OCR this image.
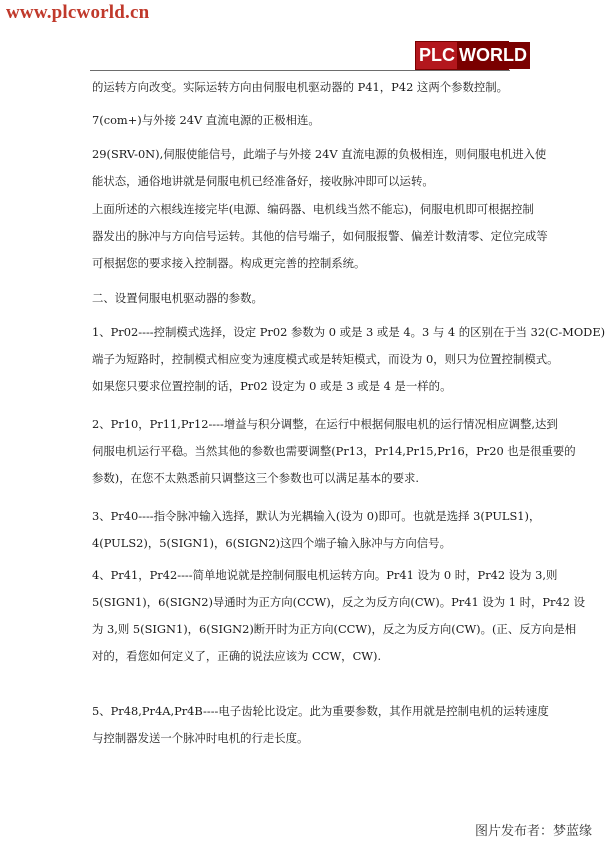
www.plcworld.cn
PLC WORLD
的运转方向改变。实际运转方向由伺服电机驱动器的 P41，P42 这两个参数控制。
7(com+)与外接 24V 直流电源的正极相连。
29(SRV-0N),伺服使能信号，此端子与外接 24V 直流电源的负极相连，则伺服电机进入使
能状态，通俗地讲就是伺服电机已经准备好，接收脉冲即可以运转。
上面所述的六根线连接完毕(电源、编码器、电机线当然不能忘)，伺服电机即可根据控制
器发出的脉冲与方向信号运转。其他的信号端子，如伺服报警、偏差计数清零、定位完成等
可根据您的要求接入控制器。构成更完善的控制系统。
二、设置伺服电机驱动器的参数。
1、Pr02----控制模式选择，设定 Pr02 参数为 0 或是 3 或是 4。3 与 4 的区别在于当 32(C-MODE)
端子为短路时，控制模式相应变为速度模式或是转矩模式，而设为 0，则只为位置控制模式。
如果您只要求位置控制的话，Pr02 设定为 0 或是 3 或是 4 是一样的。
2、Pr10，Pr11,Pr12----增益与积分调整，在运行中根据伺服电机的运行情况相应调整,达到
伺服电机运行平稳。当然其他的参数也需要调整(Pr13，Pr14,Pr15,Pr16，Pr20 也是很重要的
参数)，在您不太熟悉前只调整这三个参数也可以满足基本的要求.
3、Pr40----指令脉冲输入选择，默认为光耦输入(设为 0)即可。也就是选择 3(PULS1)，
4(PULS2)，5(SIGN1)，6(SIGN2)这四个端子输入脉冲与方向信号。
4、Pr41，Pr42----简单地说就是控制伺服电机运转方向。Pr41 设为 0 时，Pr42 设为 3,则
5(SIGN1)，6(SIGN2)导通时为正方向(CCW)，反之为反方向(CW)。Pr41 设为 1 时，Pr42 设
为 3,则 5(SIGN1)，6(SIGN2)断开时为正方向(CCW)，反之为反方向(CW)。(正、反方向是相
对的，看您如何定义了，正确的说法应该为 CCW，CW).
5、Pr48,Pr4A,Pr4B----电子齿轮比设定。此为重要参数，其作用就是控制电机的运转速度
与控制器发送一个脉冲时电机的行走长度。
图片发布者：梦蓝缘
